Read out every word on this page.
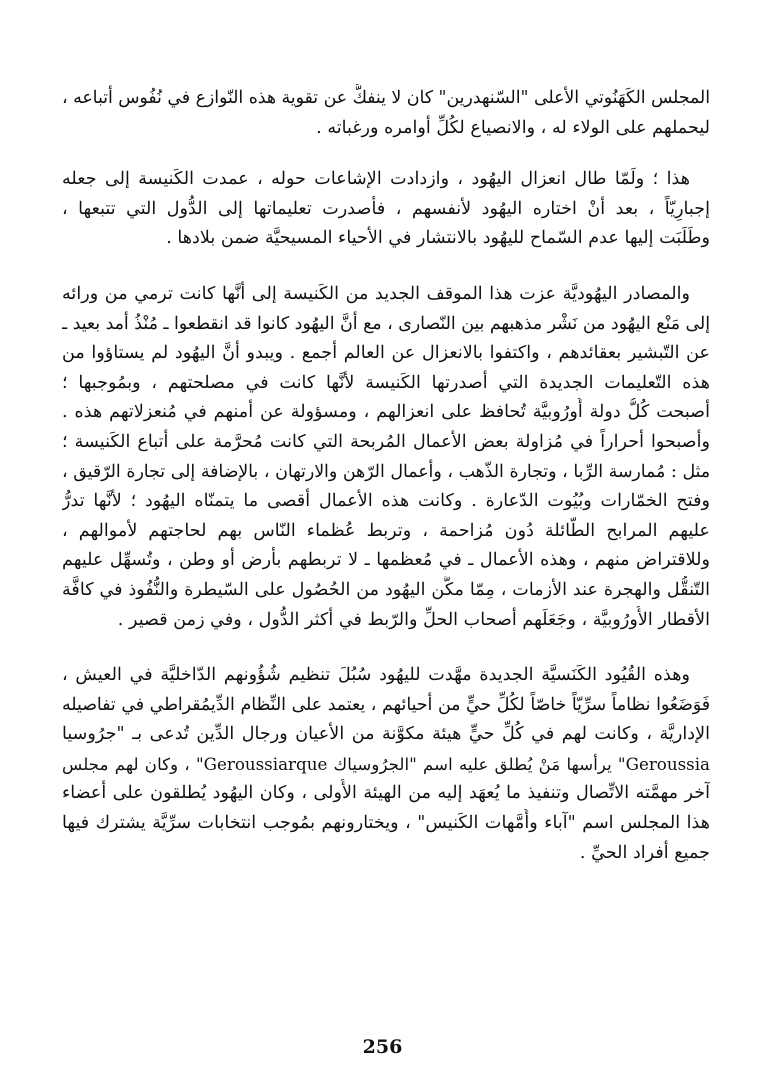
المجلس الكَهَنُوتي الأعلى "السّنهدرين" كان لا ينفكُّ عن تقوية هذه النّوازع في نُفُوس أتباعه ،
ليحملهم على الولاء له ، والانصياع لكُلِّ أوامره ورغباته .

هذا ؛ ولَمّا طال انعزال اليهُود ، وازدادت الإشاعات حوله ، عمدت الكَنيسة إلى جعله
إجبارِيّاً ، بعد أنْ اختاره اليهُود لأنفسهم ، فأصدرت تعليماتها إلى الدُّول التي تتبعها ،
وطَلَبَت إليها عدم السّماح لليهُود بالانتشار في الأحياء المسيحيَّة ضمن بلادها .

والمصادر اليهُوديَّة عزت هذا الموقف الجديد من الكَنيسة إلى أنَّها كانت ترمي من ورائه
إلى مَنْع اليهُود من نَشْر مذهبهم بين النّصارى ، مع أنَّ اليهُود كانوا قد انقطعوا ـ مُنْذُ أمد بعيد ـ
عن التّبشير بعقائدهم ، واكتفوا بالانعزال عن العالم أجمع . ويبدو أنَّ اليهُود لم يستاؤوا من
هذه التّعليمات الجديدة التي أصدرتها الكَنيسة لأنَّها كانت في مصلحتهم ، وبمُوجبها ؛
أصبحت كُلُّ دولة أُورُوبيَّة تُحافظ على انعزالهم ، ومسؤولة عن أمنهم في مُنعزلاتهم هذه .
وأصبحوا أحراراً في مُزاولة بعض الأعمال المُربحة التي كانت مُحرَّمة على أتباع الكَنيسة ؛
مثل : مُمارسة الرِّبا ، وتجارة الذّهب ، وأعمال الرّهن والارتهان ، بالإضافة إلى تجارة الرّقيق ،
وفتح الخمّارات وبُيُوت الدّعارة . وكانت هذه الأعمال أقصى ما يتمنّاه اليهُود ؛ لأنَّها تدرُّ
عليهم المرابح الطّائلة دُون مُزاحمة ، وتربط عُظماء النّاس بهم لحاجتهم لأموالهم ،
وللاقتراض منهم ، وهذه الأعمال ـ في مُعظمها ـ لا تربطهم بأرض أو وطن ، وتُسهِّل عليهم
التّنقُّل والهجرة عند الأزمات ، مِمّا مكَّن اليهُود من الحُصُول على السّيطرة والنُّفُوذ في كافَّة
الأقطار الأُورُوبيَّة ، وجَعَلَهم أصحاب الحلِّ والرّبط في أكثر الدُّول ، وفي زمن قصير .

وهذه القُيُود الكَنَسيَّة الجديدة مهَّدت لليهُود سُبُلَ تنظيم شُؤُونهم الدّاخليَّة في العيش ،
فَوَضَعُوا نظاماً سرِّيّاً خاصّاً لكُلِّ حيٍّ من أحيائهم ، يعتمد على النِّظام الدِّيمُقراطي في تفاصيله
الإداريَّة ، وكانت لهم في كُلِّ حيٍّ هيئة مكوَّنة من الأعيان ورجال الدِّين تُدعى بـ "جرُوسيا
Geroussia" يرأسها مَنْ يُطلق عليه اسم "الجرُوسياك Geroussiarque" ، وكان لهم مجلس
آخر مهمَّته الاتِّصال وتنفيذ ما يُعهَد إليه من الهيئة الأُولى ، وكان اليهُود يُطلقون على أعضاء
هذا المجلس اسم "آباء وأُمَّهات الكَنيس" ، ويختارونهم بمُوجب انتخابات سرِّيَّة يشترك فيها
جميع أفراد الحيِّ .

256
